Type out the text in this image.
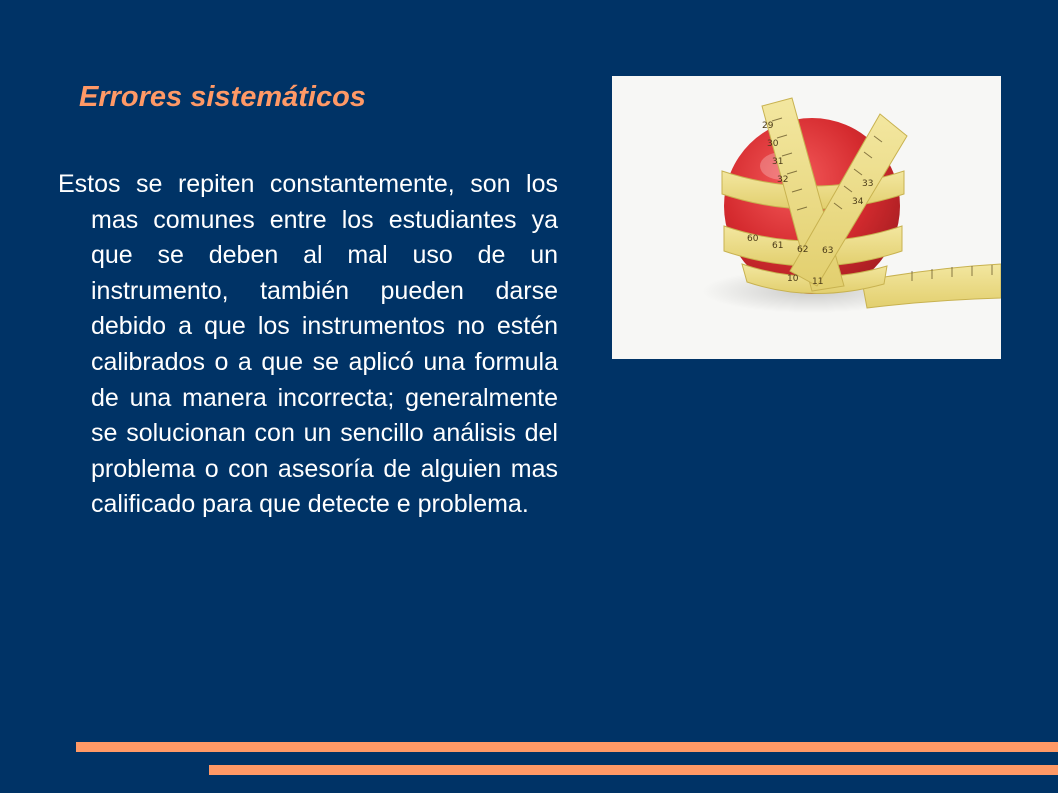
Errores sistemáticos

Estos se repiten constantemente, son los mas comunes entre los estudiantes ya que se deben al mal uso de un instrumento, también pueden darse debido a que los instrumentos no estén calibrados o a que se aplicó una formula de una manera incorrecta; generalmente se solucionan con un sencillo análisis del problema o con asesoría de alguien mas calificado para que detecte e problema.

29
30
31
32	33
34
60
61 62 63
10 11
